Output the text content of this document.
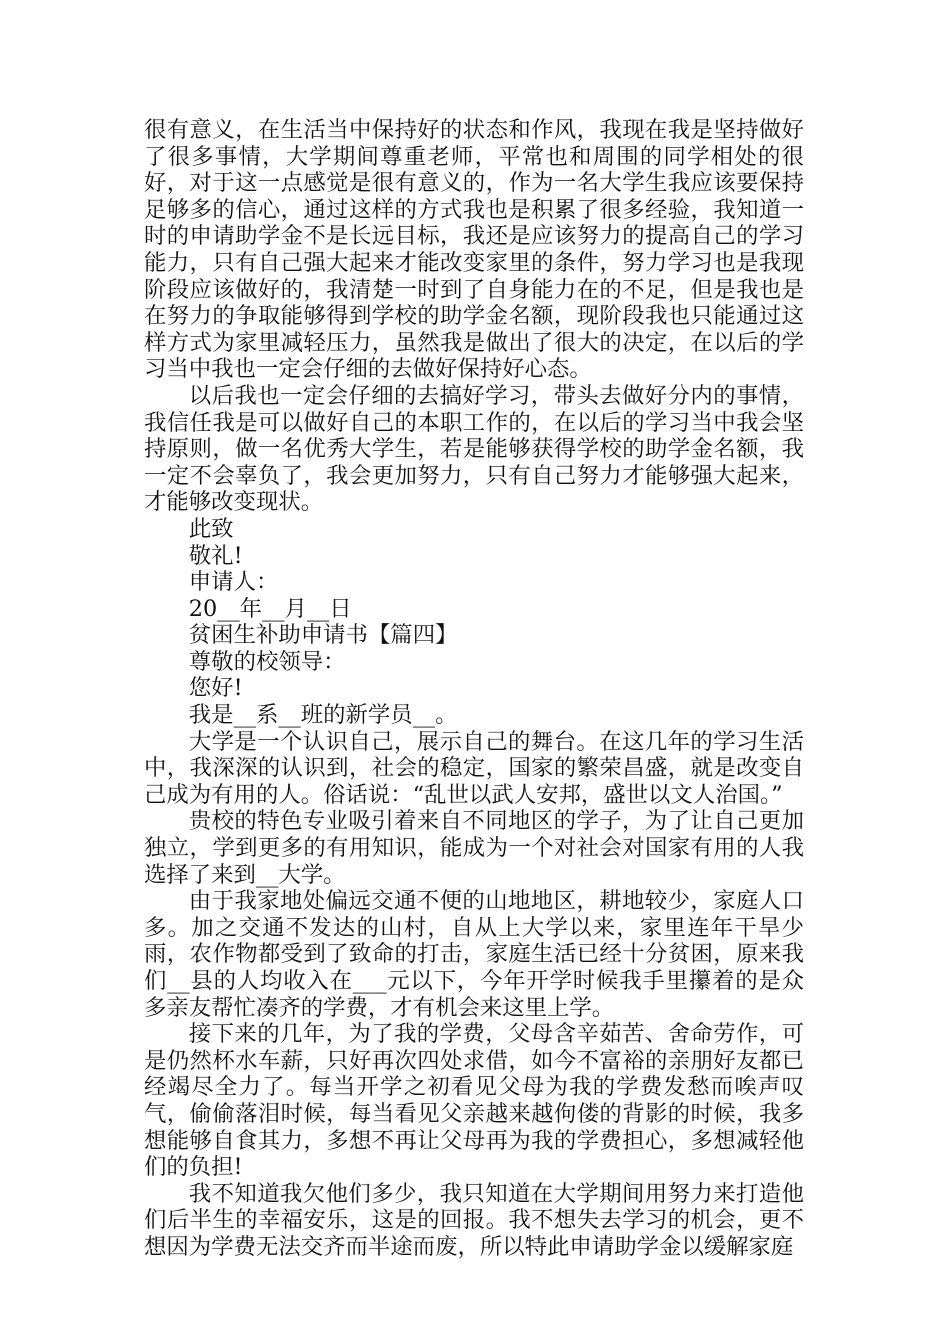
很有意义，在生活当中保持好的状态和作风，我现在我是坚持做好了很多事情，大学期间尊重老师，平常也和周围的同学相处的很好，对于这一点感觉是很有意义的，作为一名大学生我应该要保持足够多的信心，通过这样的方式我也是积累了很多经验，我知道一时的申请助学金不是长远目标，我还是应该努力的提高自己的学习能力，只有自己强大起来才能改变家里的条件，努力学习也是我现阶段应该做好的，我清楚一时到了自身能力在的不足，但是我也是在努力的争取能够得到学校的助学金名额，现阶段我也只能通过这样方式为家里减轻压力，虽然我是做出了很大的决定，在以后的学习当中我也一定会仔细的去做好保持好心态。

以后我也一定会仔细的去搞好学习，带头去做好分内的事情，我信任我是可以做好自己的本职工作的，在以后的学习当中我会坚持原则，做一名优秀大学生，若是能够获得学校的助学金名额，我一定不会辜负了，我会更加努力，只有自己努力才能够强大起来，才能够改变现状。

此致

敬礼!

申请人：

20__年__月__日

贫困生补助申请书【篇四】

尊敬的校领导：

您好!

我是__系__班的新学员__。

大学是一个认识自己，展示自己的舞台。在这几年的学习生活中，我深深的认识到，社会的稳定，国家的繁荣昌盛，就是改变自己成为有用的人。俗话说：“乱世以武人安邦，盛世以文人治国。”

贵校的特色专业吸引着来自不同地区的学子，为了让自己更加独立，学到更多的有用知识，能成为一个对社会对国家有用的人我选择了来到__大学。

由于我家地处偏远交通不便的山地地区，耕地较少，家庭人口多。加之交通不发达的山村，自从上大学以来，家里连年干旱少雨，农作物都受到了致命的打击，家庭生活已经十分贫困，原来我们__县的人均收入在___元以下，今年开学时候我手里攥着的是众多亲友帮忙凑齐的学费，才有机会来这里上学。

接下来的几年，为了我的学费，父母含辛茹苦、舍命劳作，可是仍然杯水车薪，只好再次四处求借，如今不富裕的亲朋好友都已经竭尽全力了。每当开学之初看见父母为我的学费发愁而唉声叹气，偷偷落泪时候，每当看见父亲越来越佝偻的背影的时候，我多想能够自食其力，多想不再让父母再为我的学费担心，多想减轻他们的负担!

我不知道我欠他们多少，我只知道在大学期间用努力来打造他们后半生的幸福安乐，这是的回报。我不想失去学习的机会，更不想因为学费无法交齐而半途而废，所以特此申请助学金以缓解家庭
